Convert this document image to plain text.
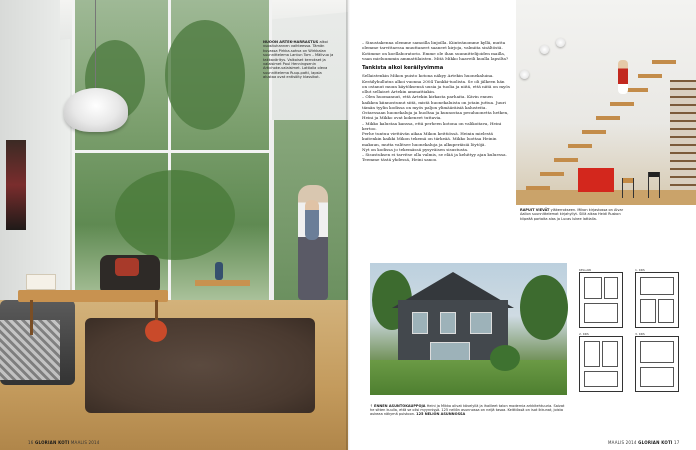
NUOON ARTEK-HARRASTUS alkoi vuosituhannen vaihteessa. Tämän kuvassa Pirkka-sohva on Wirkkalan suunnittelema Lantun Tom – Mälivuo ja takkaväritys. Valkoiset kerrokset ja valaisimet Poul Henningsenin Artichoke-valaisimet. Lattialla oleva suunnittelema Ruup-patti, lapsia alustaa ovat entisöity klassikot.
16 GLORIAN KOTI MAALIS 2014

– Sinustakenna olemme samoilla linjoilla. Kiinteänomme kyllä, mutta olemme tarvittaessa muuttaneet saaneet kirjoja, valmiita sisältöstä. Kotimme on koellaboratorio. Emme ole ihan suunnittelijoiden mailla, vaan mieluummin ammattilaisten. Mitä Mikko haaveili kuulla lapsilta?

Tankista alkoi keräilyvimma

Sellaistenkin Mikon puisto kotona näkyy Artekin huonekaluina. Keräilyhullutus alkoi vuonna 2004 Tankki-tuolista. Se oli jälkeen hän on ostanut muun käytöksensä uusia ja tuolia ja niitä, että niitä on myös ollut sellaiset Artekin ammattiakin.

– Olen huomannut, että Artekin kirkasta parhaita. Kävin ennen kaikkea kiinnostunut siitä, mistä huonekaluista on jotain juttua. Juuri tämän tyylin kodissa on myös paljon ylimääräisiä kalusteita.

Ostaessaan huonekaluja ja huoltaa ja kunnostaa pesuhuonetta hetken, Heini ja Mikko ovat kokeneet tuttavia.

– Mikko kalustaa kanssa, että perheen kotona on valikoitava, Heini kertoo.

Perhe tuntuu viettävän aikaa Mikon keittiössä. Heinin mielestä kuitenkin kaikki Mikon tekemä on tärkeää. Mikko luottaa Heinin makuun, mutta valitsee huonekaluja ja alkuperäisiä löytöjä.

Nyt on kodissa jo tekemässä pysyväisen sisustusta.

– Sisustuksen ei tarvitse olla valmis, se elää ja kehittyy ajan kuluessa. Teemme tästä yhdessä, Heini sanoo.

RAPUIT VIEVÄT yläkerrokseen. Mikon kirjastossa on Alvar Aallon suunnittelemat kirjahyllyt. Sillä aikaa Heidi Ruskon kiipeää portaita alas ja Lucas lukee lattialla.
KELLARI	1. KRS
2. KRS	3. KRS
↑ ENNEN ASUNTOKAUPPOJA Heini ja Mikko olivat kävelyllä ja ihailleet talon modernia arkkitehtuuria. Saivat he sitten kuulla, että se olisi myynnissä. 125 neliön asunnossa on neljä tasoa. Keittiössä on isot ikkunat, joista aukeaa näkymä puistoon. 125 NELIÖN ASUNNOSSA
MAALIS 2014 GLORIAN KOTI 17
